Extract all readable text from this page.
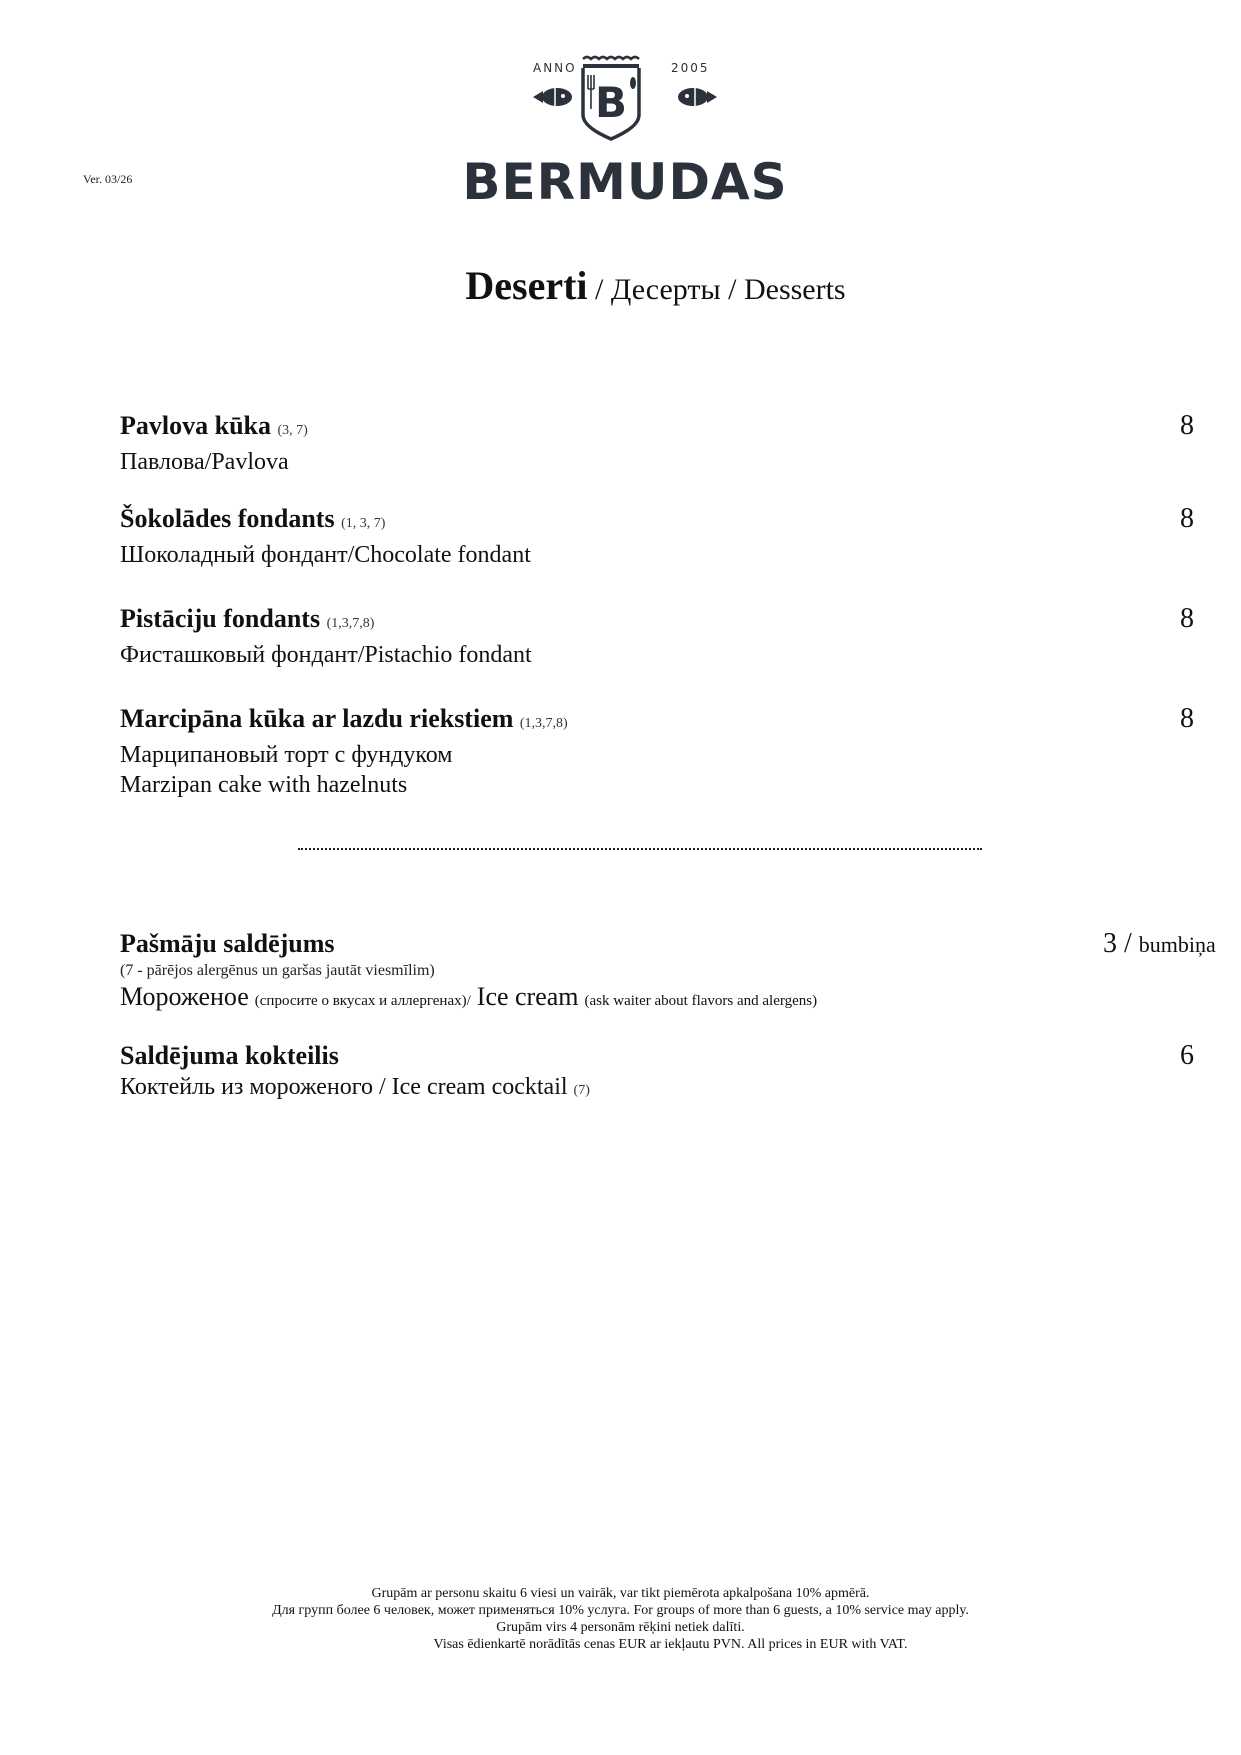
Ver. 03/26
ANNO	2005
B
BERMUDAS
Deserti / Десерты / Desserts
Pavlova kūka (3, 7)
Павлова/Pavlova
8
Šokolādes fondants (1, 3, 7)
Шоколадный фондант/Chocolate fondant
8
Pistāciju fondants (1,3,7,8)
Фисташковый фондант/Pistachio fondant
8
Marcipāna kūka ar lazdu riekstiem (1,3,7,8)
Марципановый торт с фундуком
Marzipan cake with hazelnuts
8
Pašmāju saldējums
(7 - pārējos alergēnus un garšas jautāt viesmīlim)
Мороженое (спросите о вкусах и аллергенах)/ Ice cream (ask waiter about flavors and alergens)
3 / bumbiņa
Saldējuma kokteilis
Коктейль из мороженого / Ice cream cocktail (7)
6
Grupām ar personu skaitu 6 viesi un vairāk, var tikt piemērota apkalpošana 10% apmērā.
Для групп более 6 человек, может применяться 10% услуга. For groups of more than 6 guests, a 10% service may apply.
Grupām virs 4 personām rēķini netiek dalīti.
Visas ēdienkartē norādītās cenas EUR ar iekļautu PVN. All prices in EUR with VAT.
